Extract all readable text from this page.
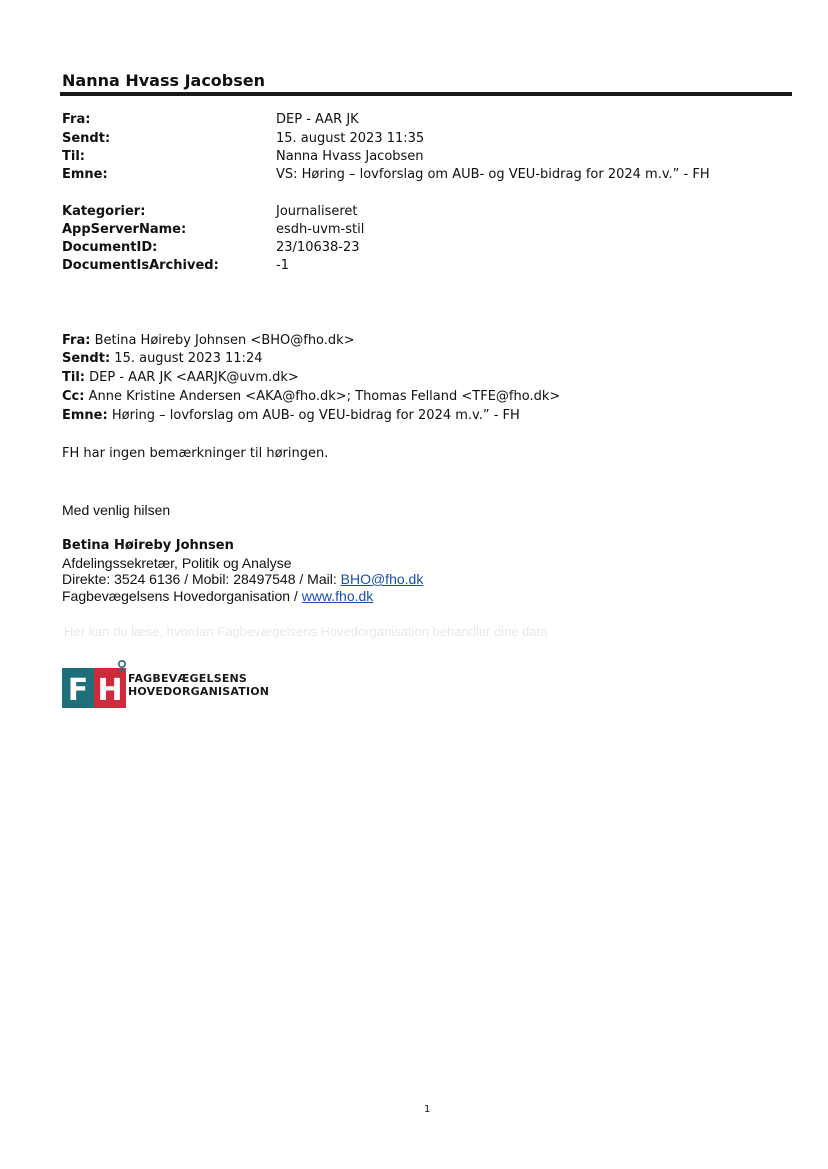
Nanna Hvass Jacobsen
Fra:	DEP - AAR JK
Sendt:	15. august 2023 11:35
Til:	Nanna Hvass Jacobsen
Emne:	VS: Høring – lovforslag om AUB- og VEU-bidrag for 2024 m.v.” - FH
Kategorier:	Journaliseret
AppServerName:	esdh-uvm-stil
DocumentID:	23/10638-23
DocumentIsArchived:	-1
Fra: Betina Høireby Johnsen <BHO@fho.dk>
Sendt: 15. august 2023 11:24
Til: DEP - AAR JK <AARJK@uvm.dk>
Cc: Anne Kristine Andersen <AKA@fho.dk>; Thomas Felland <TFE@fho.dk>
Emne: Høring – lovforslag om AUB- og VEU-bidrag for 2024 m.v.” - FH
FH har ingen bemærkninger til høringen.
Med venlig hilsen
Betina Høireby Johnsen
Afdelingssekretær, Politik og Analyse
Direkte: 3524 6136 / Mobil: 28497548 / Mail: BHO@fho.dk
Fagbevægelsens Hovedorganisation / www.fho.dk
Her kan du læse, hvordan Fagbevægelsens Hovedorganisation behandler dine data
F H FAGBEVÆGELSENS
HOVEDORGANISATION
1
